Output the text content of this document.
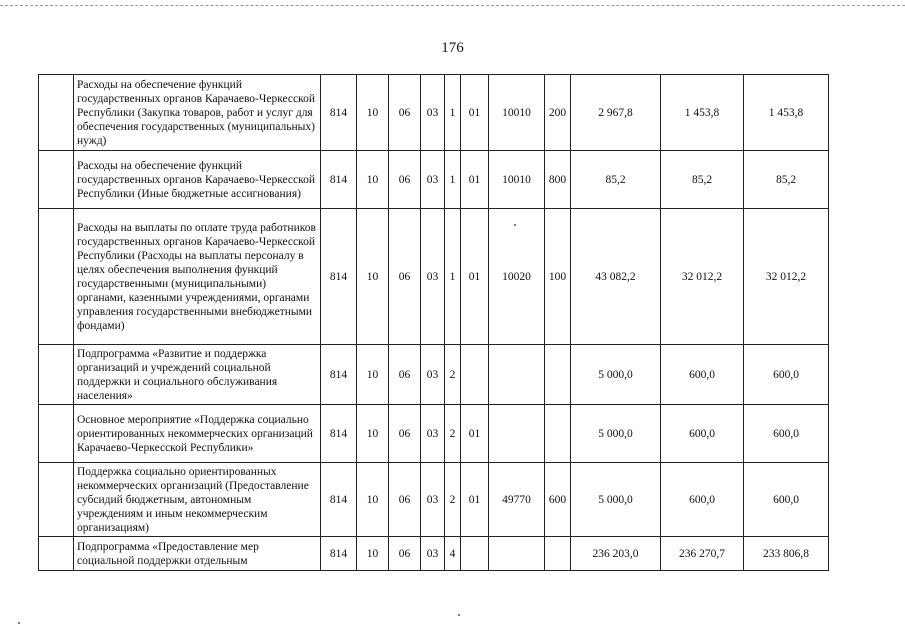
176
	Расходы на обеспечение функций государственных органов Карачаево-Черкесской Республики (Закупка товаров, работ и услуг для обеспечения государственных (муниципальных) нужд)	814	10	06	03	1	01	10010	200	2 967,8	1 453,8	1 453,8
	Расходы на обеспечение функций государственных органов Карачаево-Черкесской Республики (Иные бюджетные ассигнования)	814	10	06	03	1	01	10010	800	85,2	85,2	85,2
	Расходы на выплаты по оплате труда работников государственных органов Карачаево-Черкесской Республики (Расходы на выплаты персоналу в целях обеспечения выполнения функций государственными (муниципальными) органами, казенными учреждениями, органами управления государственными внебюджетными фондами)	814	10	06	03	1	01	10020	100	43 082,2	32 012,2	32 012,2
	Подпрограмма «Развитие и поддержка организаций и учреждений социальной поддержки и социального обслуживания населения»	814	10	06	03	2				5 000,0	600,0	600,0
	Основное мероприятие «Поддержка социально ориентированных некоммерческих организаций Карачаево-Черкесской Республики»	814	10	06	03	2	01			5 000,0	600,0	600,0
	Поддержка социально ориентированных некоммерческих организаций (Предоставление субсидий бюджетным, автономным учреждениям и иным некоммерческим организациям)	814	10	06	03	2	01	49770	600	5 000,0	600,0	600,0
	Подпрограмма «Предоставление мер социальной поддержки отдельным	814	10	06	03	4				236 203,0	236 270,7	233 806,8
